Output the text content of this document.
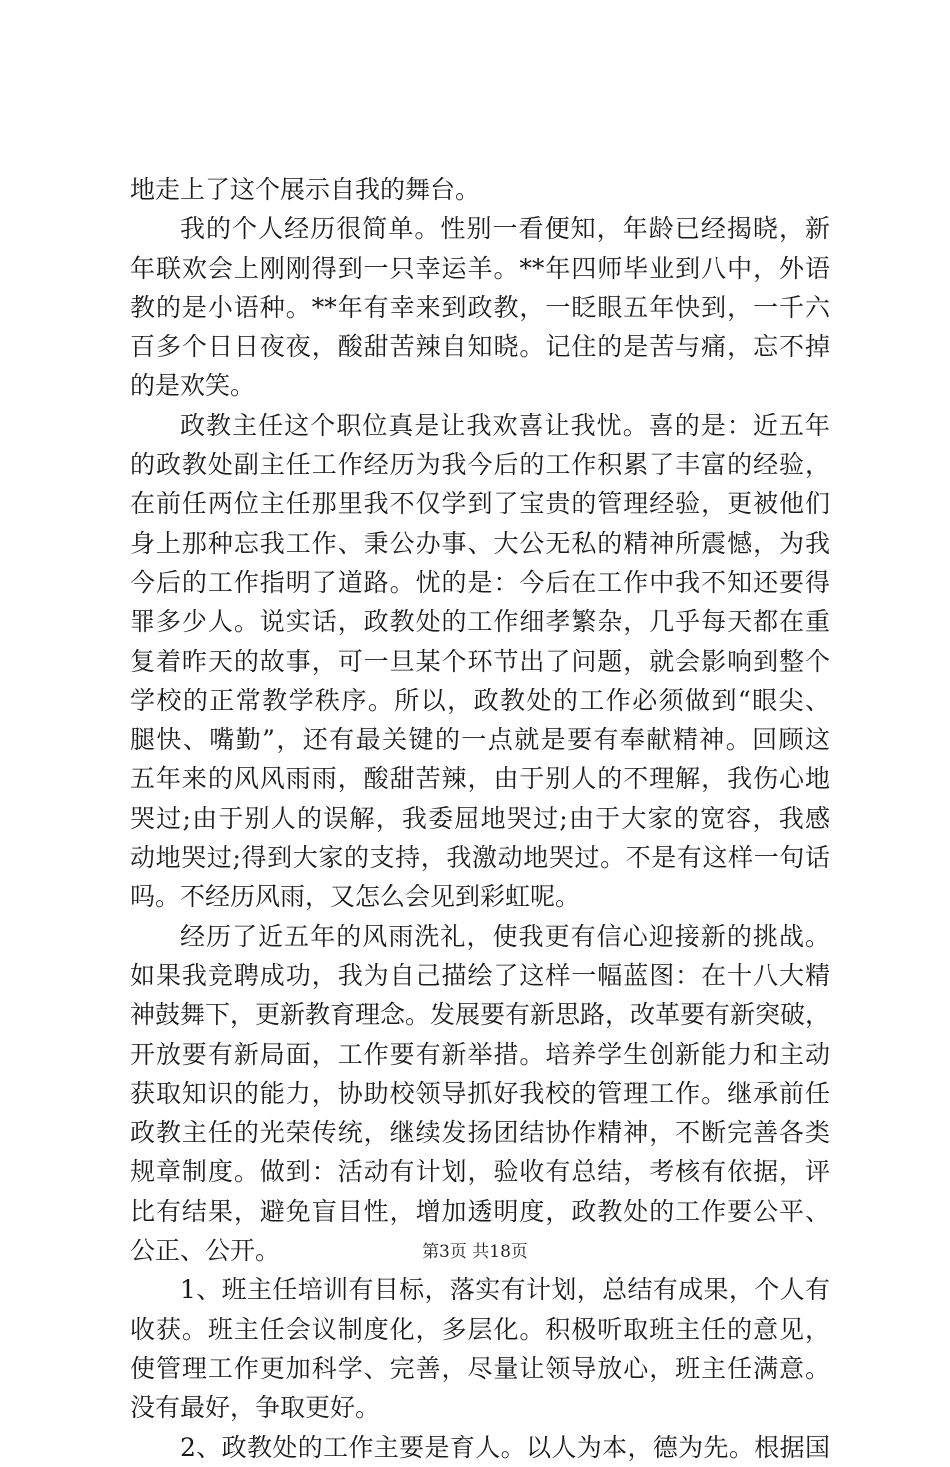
地走上了这个展示自我的舞台。
我的个人经历很简单。性别一看便知，年龄已经揭晓，新
年联欢会上刚刚得到一只幸运羊。**年四师毕业到八中，外语
教的是小语种。**年有幸来到政教，一眨眼五年快到，一千六
百多个日日夜夜，酸甜苦辣自知晓。记住的是苦与痛，忘不掉
的是欢笑。
政教主任这个职位真是让我欢喜让我忧。喜的是：近五年
的政教处副主任工作经历为我今后的工作积累了丰富的经验，
在前任两位主任那里我不仅学到了宝贵的管理经验，更被他们
身上那种忘我工作、秉公办事、大公无私的精神所震憾，为我
今后的工作指明了道路。忧的是：今后在工作中我不知还要得
罪多少人。说实话，政教处的工作细孝繁杂，几乎每天都在重
复着昨天的故事，可一旦某个环节出了问题，就会影响到整个
学校的正常教学秩序。所以，政教处的工作必须做到“眼尖、
腿快、嘴勤”，还有最关键的一点就是要有奉献精神。回顾这
五年来的风风雨雨，酸甜苦辣，由于别人的不理解，我伤心地
哭过;由于别人的误解，我委屈地哭过;由于大家的宽容，我感
动地哭过;得到大家的支持，我激动地哭过。不是有这样一句话
吗。不经历风雨，又怎么会见到彩虹呢。
经历了近五年的风雨洗礼，使我更有信心迎接新的挑战。
如果我竞聘成功，我为自己描绘了这样一幅蓝图：在十八大精
神鼓舞下，更新教育理念。发展要有新思路，改革要有新突破，
开放要有新局面，工作要有新举措。培养学生创新能力和主动
获取知识的能力，协助校领导抓好我校的管理工作。继承前任
政教主任的光荣传统，继续发扬团结协作精神，不断完善各类
规章制度。做到：活动有计划，验收有总结，考核有依据，评
比有结果，避免盲目性，增加透明度，政教处的工作要公平、
公正、公开。
1、班主任培训有目标，落实有计划，总结有成果，个人有
收获。班主任会议制度化，多层化。积极听取班主任的意见，
使管理工作更加科学、完善，尽量让领导放心，班主任满意。
没有最好，争取更好。
2、政教处的工作主要是育人。以人为本，德为先。根据国
第3页 共18页
